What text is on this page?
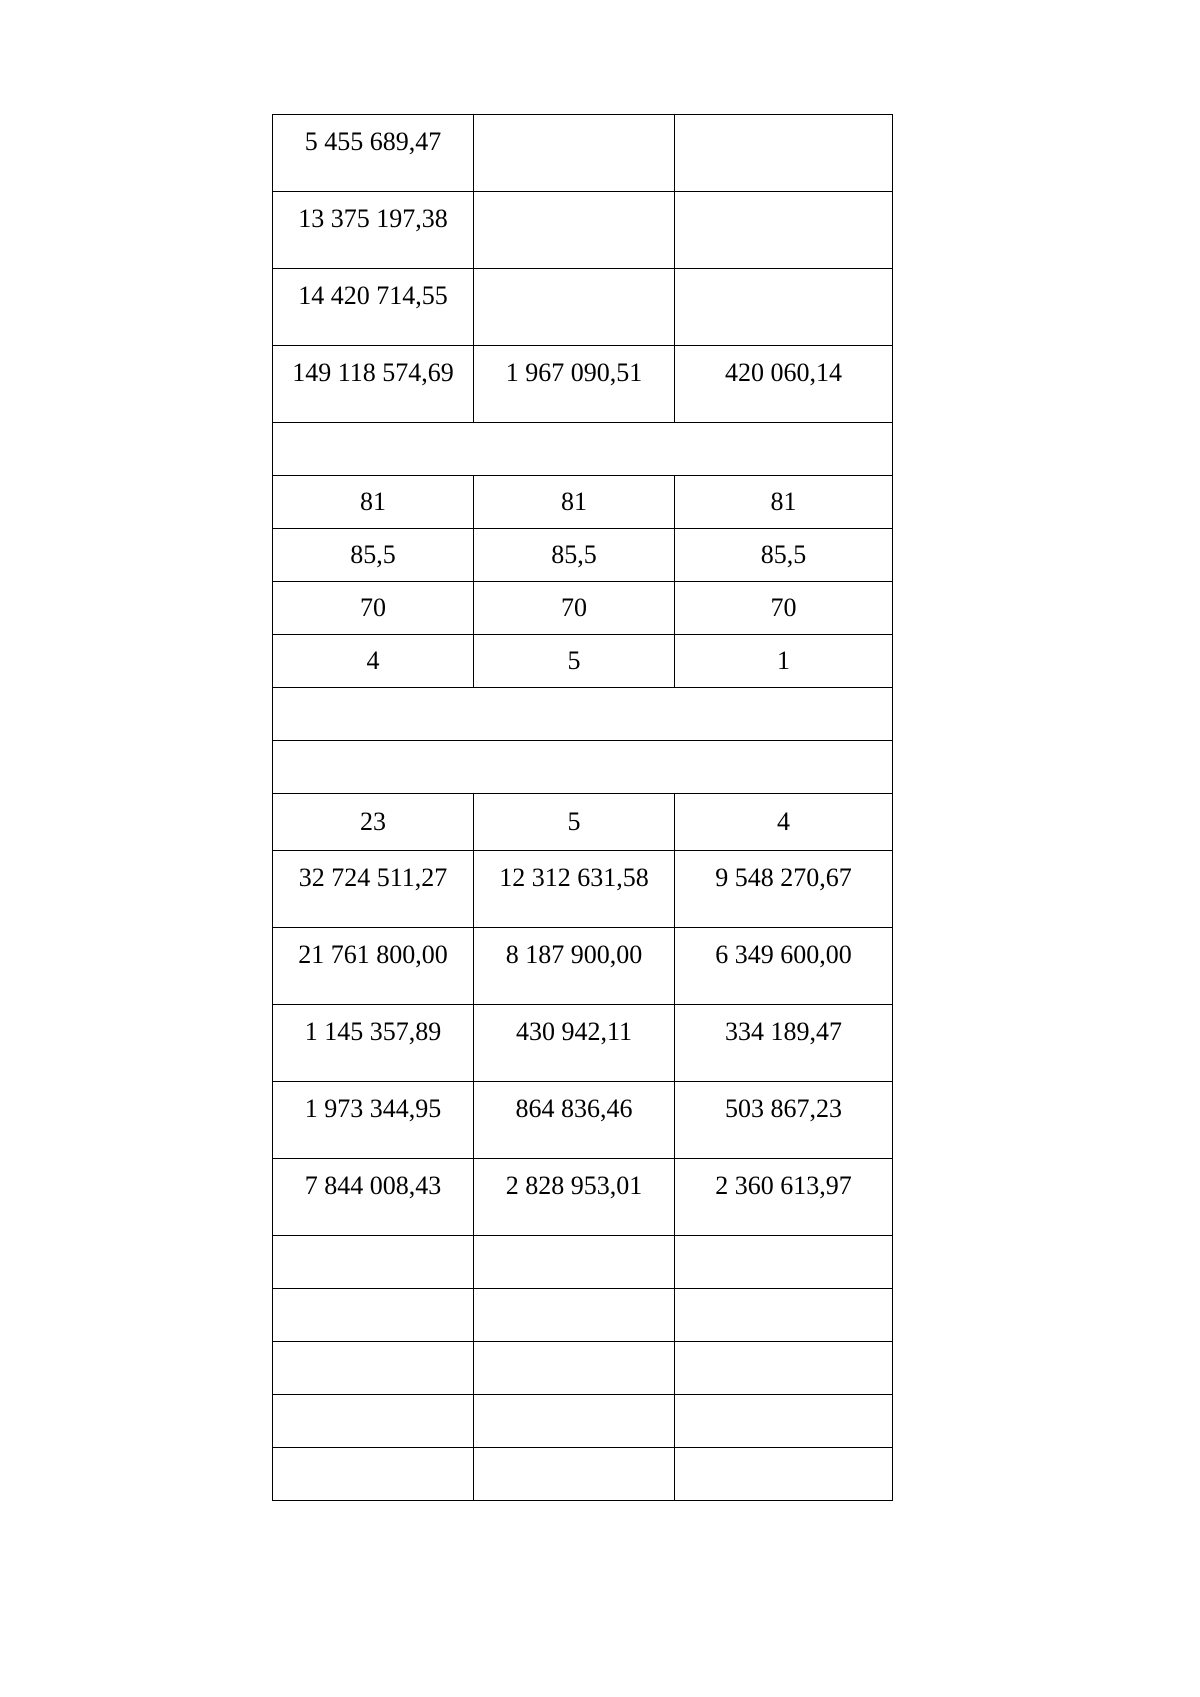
5 455 689,47		
13 375 197,38		
14 420 714,55		
149 118 574,69	1 967 090,51	420 060,14

81	81	81
85,5	85,5	85,5
70	70	70
4	5	1

23	5	4
32 724 511,27	12 312 631,58	9 548 270,67
21 761 800,00	8 187 900,00	6 349 600,00
1 145 357,89	430 942,11	334 189,47
1 973 344,95	864 836,46	503 867,23
7 844 008,43	2 828 953,01	2 360 613,97
